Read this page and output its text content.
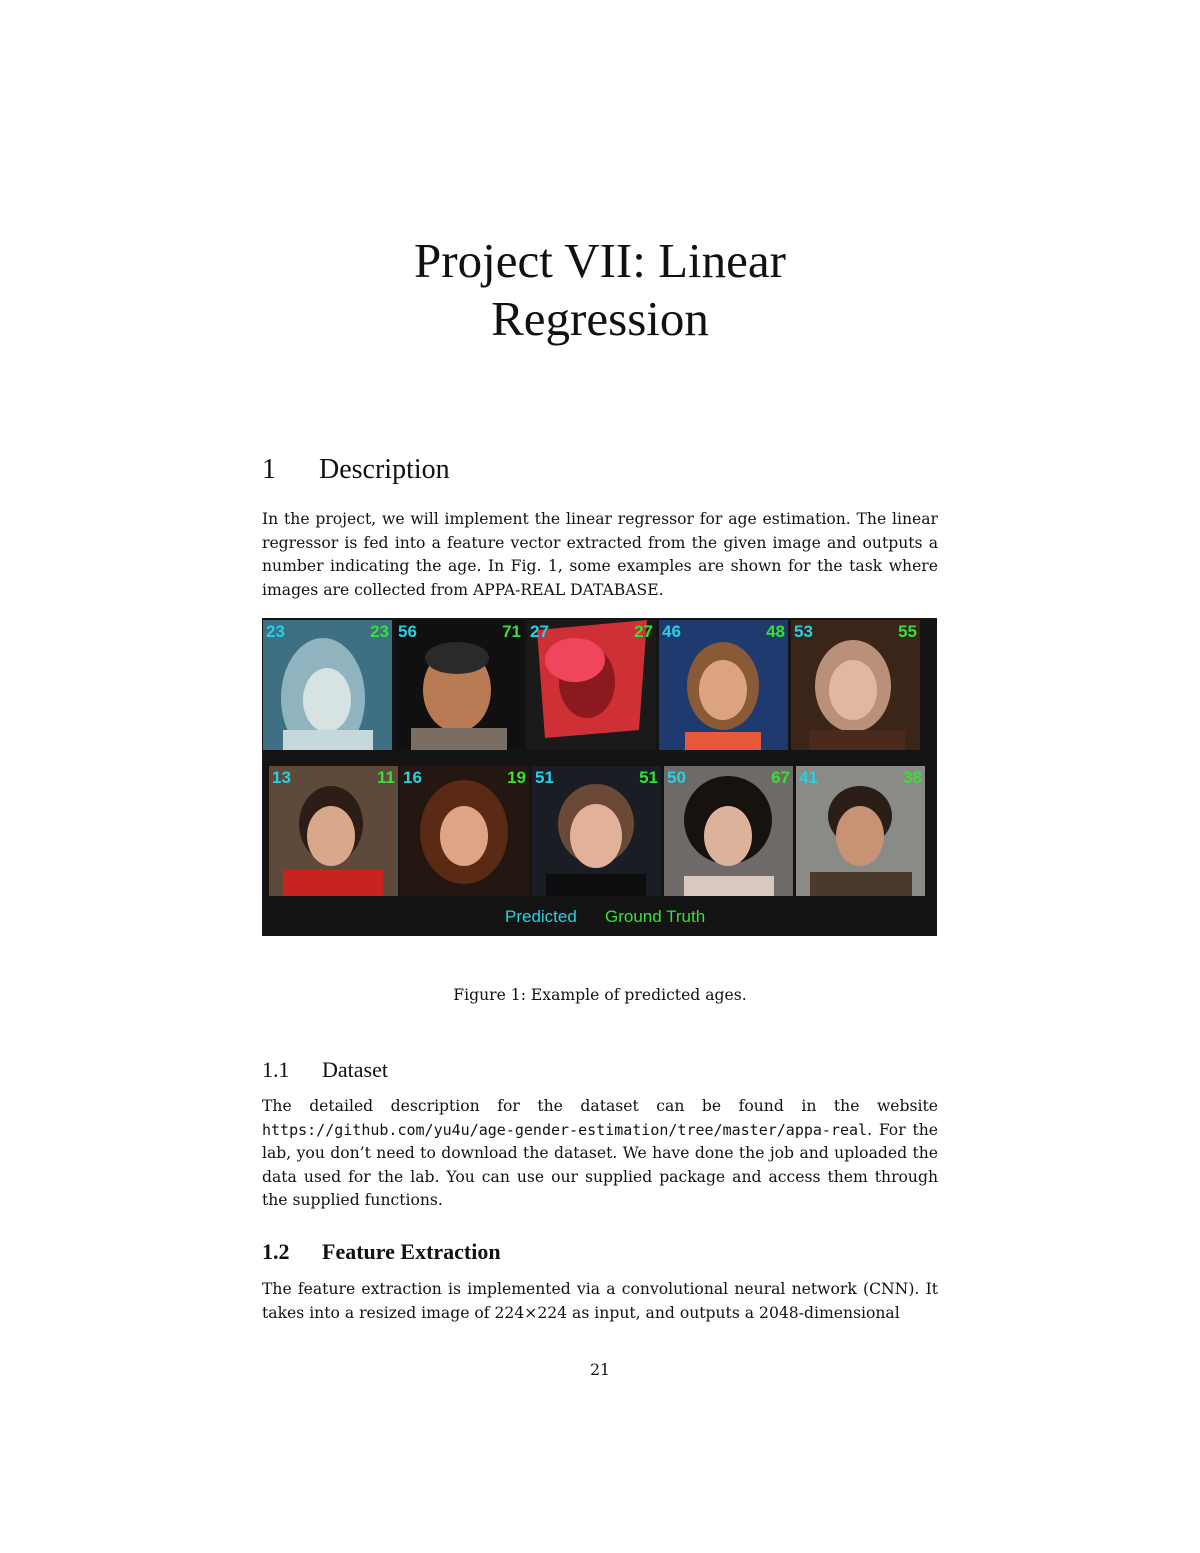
Project VII: Linear
Regression
1 Description

In the project, we will implement the linear regressor for age estimation. The linear regressor is fed into a feature vector extracted from the given image and outputs a number indicating the age. In Fig. 1, some examples are shown for the task where images are collected from APPA-REAL DATABASE.

23	23 56	71 27	27 46	48 53	55
13	11 16	19 51	51 50	67 41	38
Predicted Ground Truth

Figure 1: Example of predicted ages.

1.1 Dataset

The detailed description for the dataset can be found in the website https://github.com/yu4u/age-gender-estimation/tree/master/appa-real. For the lab, you don’t need to download the dataset. We have done the job and uploaded the data used for the lab. You can use our supplied package and access them through the supplied functions.

1.2 Feature Extraction

The feature extraction is implemented via a convolutional neural network (CNN). It takes into a resized image of 224×224 as input, and outputs a 2048-dimensional

21
